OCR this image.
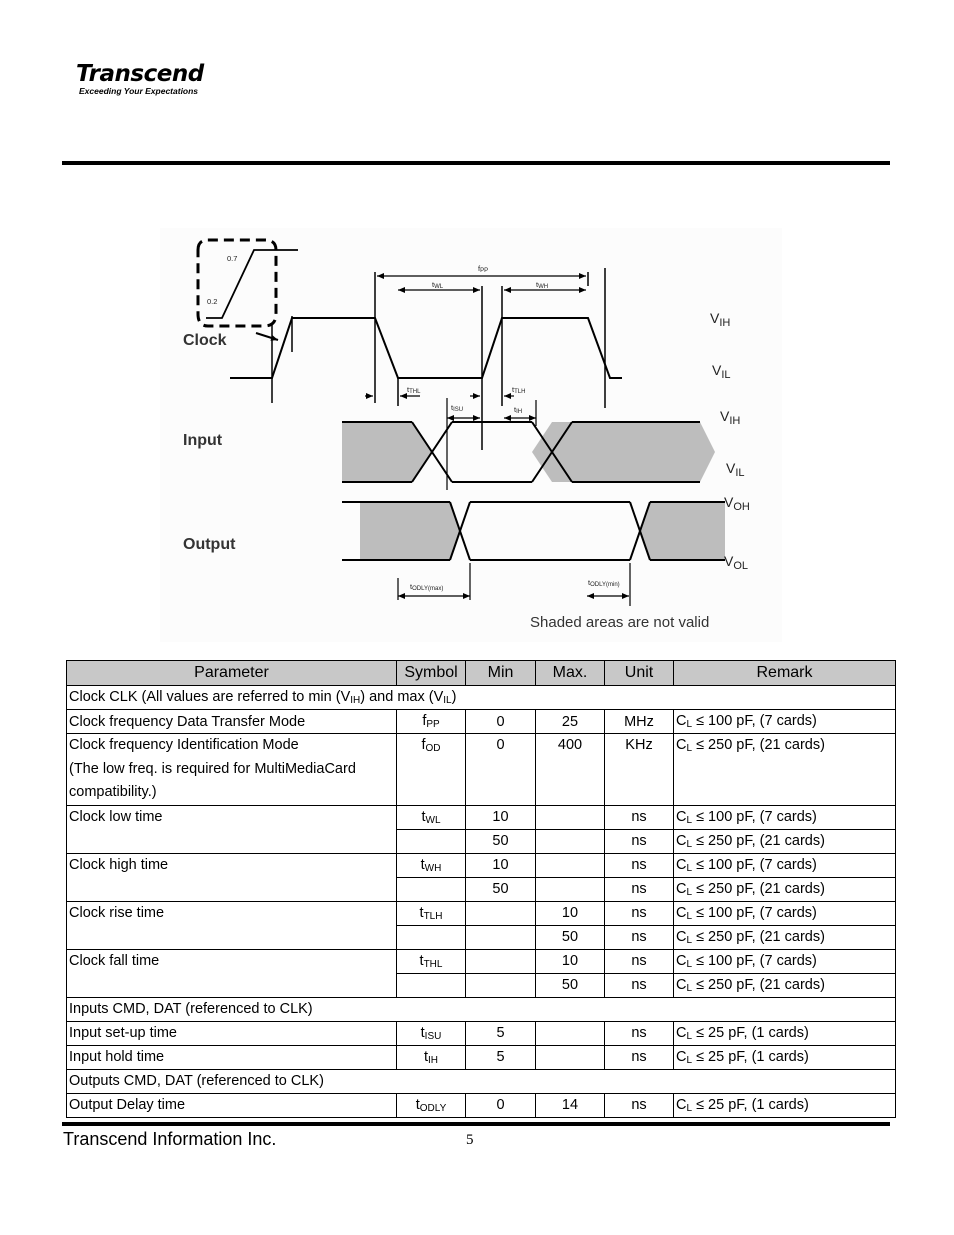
Transcend
Exceeding Your Expectations
Clock
Input
Output
0.7
0.2
$V_{IH}$
$V_{IL}$
$V_{IH}$
$V_{IL}$
$V_{OH}$
$V_{OL}$
$f_{PP}$
$t_{WL}$	$t_{WH}$
$t_{THL}$	$t_{TLH}$
$t_{ISU}$	$t_{IH}$
$t_{ODLY(max)}$
$t_{ODLY(min)}$
Shaded areas are not valid
Parameter	Symbol	Min	Max.	Unit	Remark
Clock CLK (All values are referred to $\min (V_{IH})$ and $\max (V_{IL})$					
Clock frequency Data Transfer Mode	$f_{PP}$	0	25	MHz	$C_L \le 100$ pF, (7 cards)
Clock frequency Identification Mode
(The low freq. is required for MultiMediaCard
compatibility.)	$f_{OD}$	0	400	KHz	$C_L \le 250$ pF, (21 cards)
Clock low time	$t_{WL}$	10		ns	$C_L \le 100$ pF, (7 cards)
		50		ns	$C_L \le 250$ pF, (21 cards)
Clock high time	$t_{WH}$	10		ns	$C_L \le 100$ pF, (7 cards)
		50		ns	$C_L \le 250$ pF, (21 cards)
Clock rise time	$t_{TLH}$		10	ns	$C_L \le 100$ pF, (7 cards)
			50	ns	$C_L \le 250$ pF, (21 cards)
Clock fall time	$t_{THL}$		10	ns	$C_L \le 100$ pF, (7 cards)
			50	ns	$C_L \le 250$ pF, (21 cards)
Inputs CMD, DAT (referenced to CLK)					
Input set-up time	$t_{ISU}$	5		ns	$C_L \le 25$ pF, (1 cards)
Input hold time	$t_{IH}$	5		ns	$C_L \le 25$ pF, (1 cards)
Outputs CMD, DAT (referenced to CLK)					
Output Delay time	$t_{ODLY}$	0	14	ns	$C_L \le 25$ pF, (1 cards)
Transcend Information Inc.	5
